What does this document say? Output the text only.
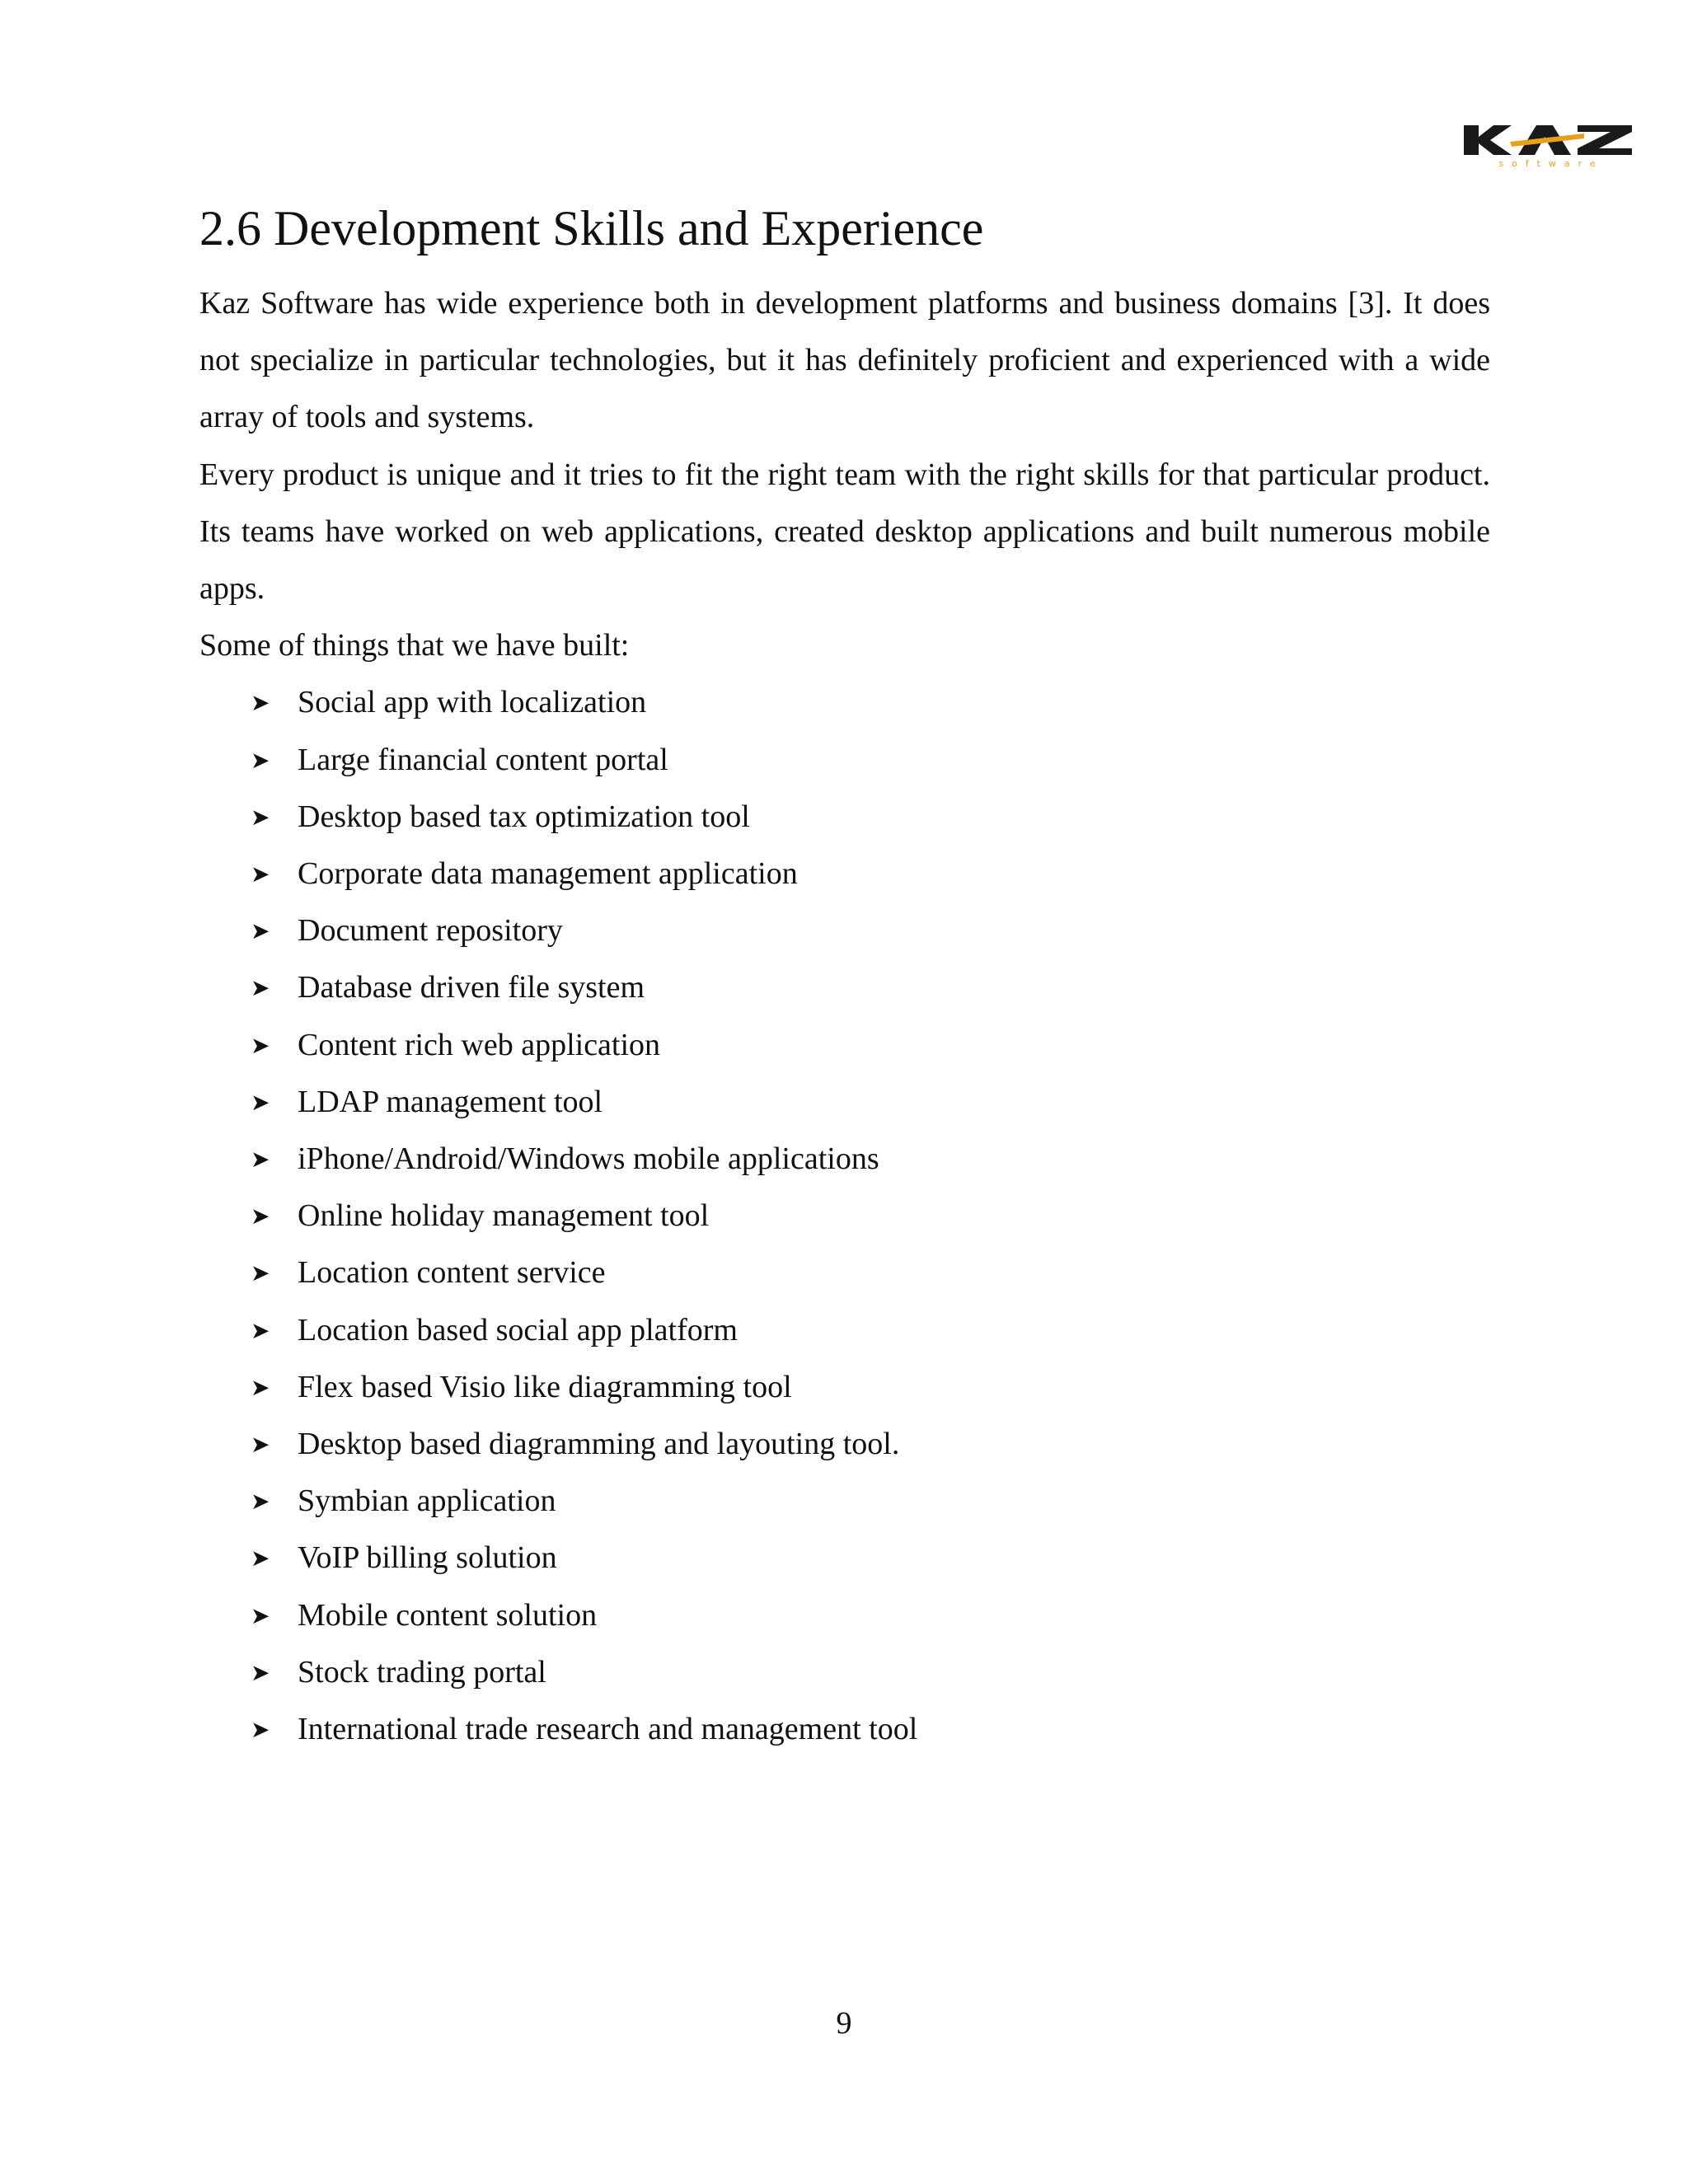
software
2.6 Development Skills and Experience

Kaz Software has wide experience both in development platforms and business domains [3]. It does not specialize in particular technologies, but it has definitely proficient and experienced with a wide array of tools and systems.

Every product is unique and it tries to fit the right team with the right skills for that particular product. Its teams have worked on web applications, created desktop applications and built numerous mobile apps.

Some of things that we have built:

➤ Social app with localization
➤ Large financial content portal
➤ Desktop based tax optimization tool
➤ Corporate data management application
➤ Document repository
➤ Database driven file system
➤ Content rich web application
➤ LDAP management tool
➤ iPhone/Android/Windows mobile applications
➤ Online holiday management tool
➤ Location content service
➤ Location based social app platform
➤ Flex based Visio like diagramming tool
➤ Desktop based diagramming and layouting tool.
➤ Symbian application
➤ VoIP billing solution
➤ Mobile content solution
➤ Stock trading portal
➤ International trade research and management tool
9
